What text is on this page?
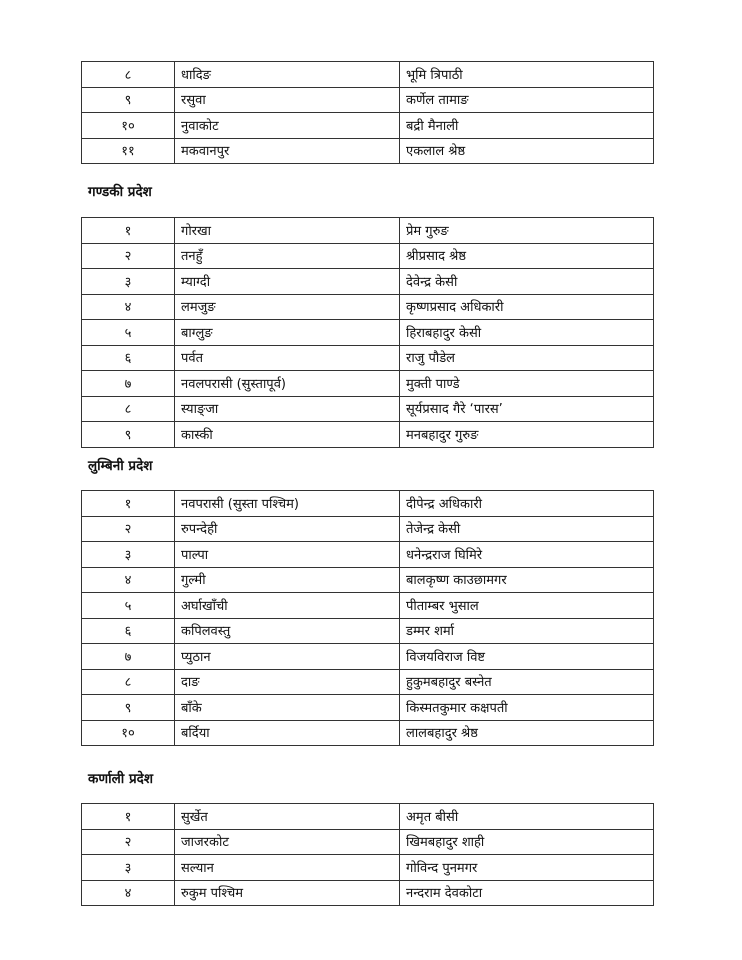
८	धादिङ	भूमि त्रिपाठी
९	रसुवा	कर्णेल तामाङ
१०	नुवाकोट	बद्री मैनाली
११	मकवानपुर	एकलाल श्रेष्ठ
गण्डकी प्रदेश
१	गोरखा	प्रेम गुरुङ
२	तनहुँ	श्रीप्रसाद श्रेष्ठ
३	म्याग्दी	देवेन्द्र केसी
४	लमजुङ	कृष्णप्रसाद अधिकारी
५	बाग्लुङ	हिराबहादुर केसी
६	पर्वत	राजु पौडेल
७	नवलपरासी (सुस्तापूर्व)	मुक्ती पाण्डे
८	स्याङ्जा	सूर्यप्रसाद गैरे ‘पारस’
९	कास्की	मनबहादुर गुरुङ
लुम्बिनी प्रदेश
१	नवपरासी (सुस्ता पश्चिम)	दीपेन्द्र अधिकारी
२	रुपन्देही	तेजेन्द्र केसी
३	पाल्पा	धनेन्द्रराज घिमिरे
४	गुल्मी	बालकृष्ण काउछामगर
५	अर्घाखाँची	पीताम्बर भुसाल
६	कपिलवस्तु	डम्मर शर्मा
७	प्युठान	विजयविराज विष्ट
८	दाङ	हुकुमबहादुर बस्नेत
९	बाँके	किस्मतकुमार कक्षपती
१०	बर्दिया	लालबहादुर श्रेष्ठ
कर्णाली प्रदेश
१	सुर्खेत	अमृत बीसी
२	जाजरकोट	खिमबहादुर शाही
३	सल्यान	गोविन्द पुनमगर
४	रुकुम पश्चिम	नन्दराम देवकोटा
